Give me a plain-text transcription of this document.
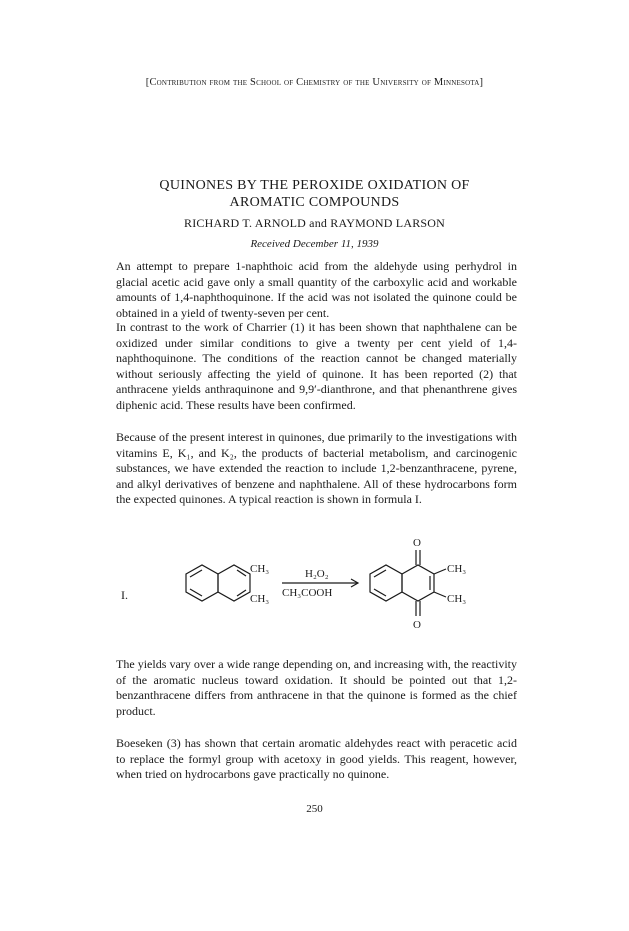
[Contribution from the School of Chemistry of the University of Minnesota]
QUINONES BY THE PEROXIDE OXIDATION OF
AROMATIC COMPOUNDS
RICHARD T. ARNOLD and RAYMOND LARSON
Received December 11, 1939

An attempt to prepare 1-naphthoic acid from the aldehyde using perhydrol in glacial acetic acid gave only a small quantity of the carboxylic acid and workable amounts of 1,4-naphthoquinone. If the acid was not isolated the quinone could be obtained in a yield of twenty-seven per cent.

In contrast to the work of Charrier (1) it has been shown that naphthalene can be oxidized under similar conditions to give a twenty per cent yield of 1,4-naphthoquinone. The conditions of the reaction cannot be changed materially without seriously affecting the yield of quinone. It has been reported (2) that anthracene yields anthraquinone and 9,9′-dianthrone, and that phenanthrene gives diphenic acid. These results have been confirmed.

Because of the present interest in quinones, due primarily to the investigations with vitamins E, K₁, and K₂, the products of bacterial metabolism, and carcinogenic substances, we have extended the reaction to include 1,2-benzanthracene, pyrene, and alkyl derivatives of benzene and naphthalene. All of these hydrocarbons form the expected quinones. A typical reaction is shown in formula I.

I.
CH₃
CH₃
H₂O₂
CH₃COOH
CH₃
CH₃
O
O

The yields vary over a wide range depending on, and increasing with, the reactivity of the aromatic nucleus toward oxidation. It should be pointed out that 1,2-benzanthracene differs from anthracene in that the quinone is formed as the chief product.

Boeseken (3) has shown that certain aromatic aldehydes react with peracetic acid to replace the formyl group with acetoxy in good yields. This reagent, however, when tried on hydrocarbons gave practically no quinone.

250
